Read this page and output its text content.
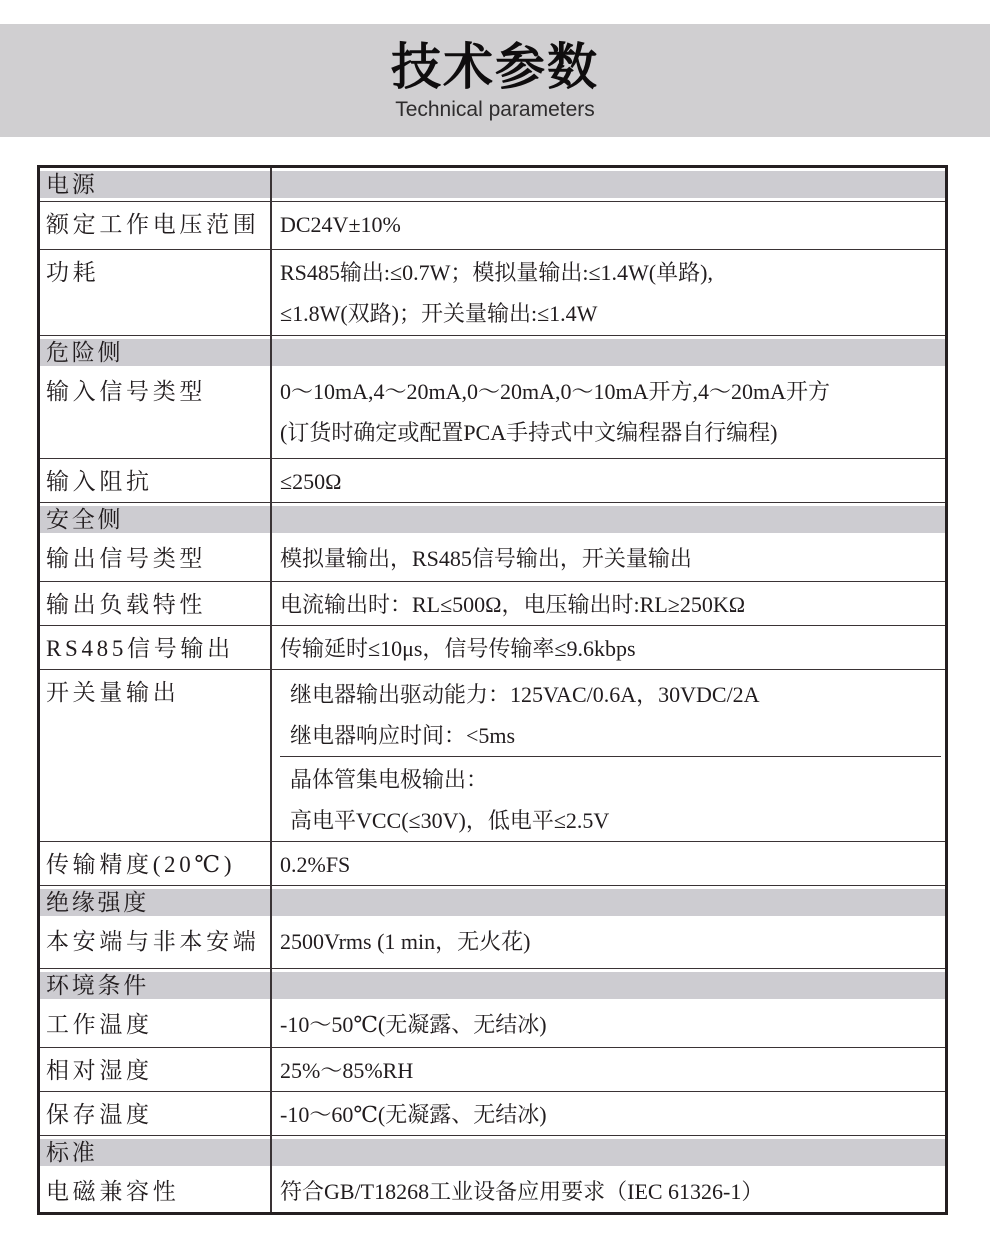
技术参数
Technical parameters
电源
额定工作电压范围 DC24V±10%
功耗	RS485输出:≤0.7W；模拟量输出:≤1.4W(单路),
≤1.8W(双路)；开关量输出:≤1.4W
危险侧
输入信号类型	0～10mA,4～20mA,0～20mA,0～10mA开方,4～20mA开方
(订货时确定或配置PCA手持式中文编程器自行编程)
输入阻抗	≤250Ω
安全侧
输出信号类型	模拟量输出，RS485信号输出，开关量输出
输出负载特性	电流输出时：RL≤500Ω，电压输出时:RL≥250KΩ
RS485信号输出	传输延时≤10μs，信号传输率≤9.6kbps
开关量输出	继电器输出驱动能力：125VAC/0.6A，30VDC/2A
继电器响应时间：<5ms
晶体管集电极输出：
高电平VCC(≤30V)，低电平≤2.5V
传输精度(20℃)	0.2%FS
绝缘强度
本安端与非本安端 2500Vrms (1 min，无火花)
环境条件
工作温度	-10～50℃(无凝露、无结冰)
相对湿度	25%～85%RH
保存温度	-10～60℃(无凝露、无结冰)
标准
电磁兼容性	符合GB/T18268工业设备应用要求（IEC 61326-1）
